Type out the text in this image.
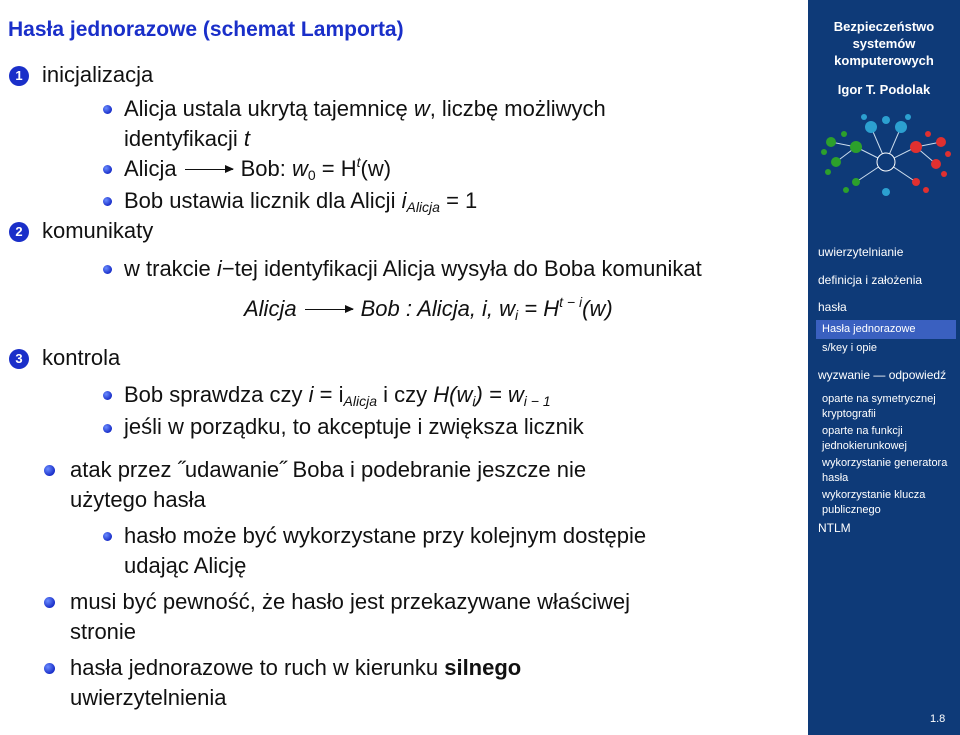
Hasła jednorazowe (schemat Lamporta)
1 inicjalizacja
Alicja ustala ukrytą tajemnicę w, liczbę możliwych
identyfikacji t
Alicja	Bob: $w0 = H^t(w)$
Bob ustawia licznik dla Alicji iAlicja = 1
2 komunikaty
w trakcie i−tej identyfikacji Alicja wysyła do Boba komunikat
Alicja	Bob : Alicja, i, wi = $H^{t - i}(w)$
3 kontrola
Bob sprawdza czy i = iAlicja i czy H(wi) = wi − 1
jeśli w porządku, to akceptuje i zwiększa licznik
atak przez ˝udawanie˝ Boba i podebranie jeszcze nie
użytego hasła
hasło może być wykorzystane przy kolejnym dostępie
udając Alicję
musi być pewność, że hasło jest przekazywane właściwej
stronie
hasła jednorazowe to ruch w kierunku silnego
uwierzytelnienia
Bezpieczeństwo
systemów
komputerowych
Igor T. Podolak
uwierzytelnianie
definicja i założenia
hasła
Hasła jednorazowe
s/key i opie
wyzwanie — odpowiedź
oparte na symetrycznej
kryptografii
oparte na funkcji
jednokierunkowej
wykorzystanie generatora
hasła
wykorzystanie klucza
publicznego
NTLM
1.8
